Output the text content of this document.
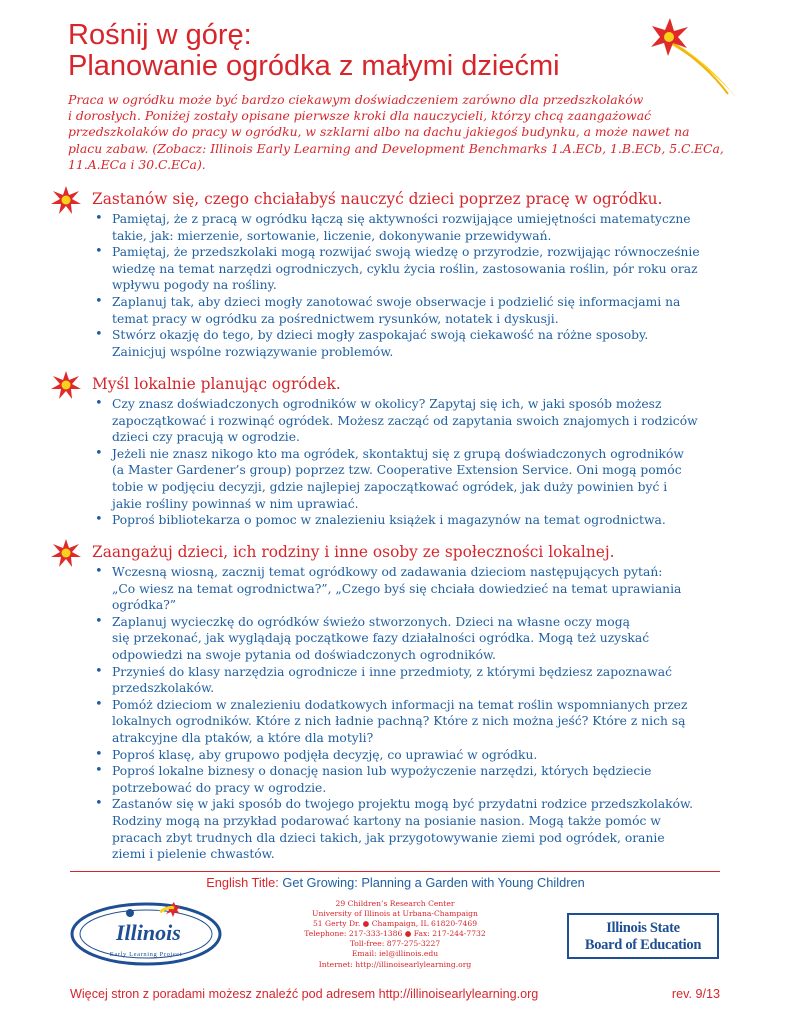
Rośnij w górę:
Planowanie ogródka z małymi dziećmi
Praca w ogródku może być bardzo ciekawym doświadczeniem zarówno dla przedszkolaków
i dorosłych. Poniżej zostały opisane pierwsze kroki dla nauczycieli, którzy chcą zaangażować
przedszkolaków do pracy w ogródku, w szklarni albo na dachu jakiegoś budynku, a może nawet na
placu zabaw. (Zobacz: Illinois Early Learning and Development Benchmarks 1.A.ECb, 1.B.ECb, 5.C.ECa,
11.A.ECa i 30.C.ECa).
Zastanów się, czego chciałabyś nauczyć dzieci poprzez pracę w ogródku.
• Pamiętaj, że z pracą w ogródku łączą się aktywności rozwijające umiejętności matematyczne
takie, jak: mierzenie, sortowanie, liczenie, dokonywanie przewidywań.
• Pamiętaj, że przedszkolaki mogą rozwijać swoją wiedzę o przyrodzie, rozwijając równocześnie
wiedzę na temat narzędzi ogrodniczych, cyklu życia roślin, zastosowania roślin, pór roku oraz
wpływu pogody na rośliny.
• Zaplanuj tak, aby dzieci mogły zanotować swoje obserwacje i podzielić się informacjami na
temat pracy w ogródku za pośrednictwem rysunków, notatek i dyskusji.
• Stwórz okazję do tego, by dzieci mogły zaspokajać swoją ciekawość na różne sposoby.
Zainicjuj wspólne rozwiązywanie problemów.
Myśl lokalnie planując ogródek.
• Czy znasz doświadczonych ogrodników w okolicy? Zapytaj się ich, w jaki sposób możesz
zapoczątkować i rozwinąć ogródek. Możesz zacząć od zapytania swoich znajomych i rodziców
dzieci czy pracują w ogrodzie.
• Jeżeli nie znasz nikogo kto ma ogródek, skontaktuj się z grupą doświadczonych ogrodników
(a Master Gardener’s group) poprzez tzw. Cooperative Extension Service. Oni mogą pomóc
tobie w podjęciu decyzji, gdzie najlepiej zapoczątkować ogródek, jak duży powinien być i
jakie rośliny powinnaś w nim uprawiać.
• Poproś bibliotekarza o pomoc w znalezieniu książek i magazynów na temat ogrodnictwa.
Zaangażuj dzieci, ich rodziny i inne osoby ze społeczności lokalnej.
• Wczesną wiosną, zacznij temat ogródkowy od zadawania dzieciom następujących pytań:
„Co wiesz na temat ogrodnictwa?”, „Czego byś się chciała dowiedzieć na temat uprawiania
ogródka?”
• Zaplanuj wycieczkę do ogródków świeżo stworzonych. Dzieci na własne oczy mogą
się przekonać, jak wyglądają początkowe fazy działalności ogródka. Mogą też uzyskać
odpowiedzi na swoje pytania od doświadczonych ogrodników.
• Przynieś do klasy narzędzia ogrodnicze i inne przedmioty, z którymi będziesz zapoznawać
przedszkolaków.
• Pomóż dzieciom w znalezieniu dodatkowych informacji na temat roślin wspomnianych przez
lokalnych ogrodników. Które z nich ładnie pachną? Które z nich można jeść? Które z nich są
atrakcyjne dla ptaków, a które dla motyli?
• Poproś klasę, aby grupowo podjęła decyzję, co uprawiać w ogródku.
• Poproś lokalne biznesy o donację nasion lub wypożyczenie narzędzi, których będziecie
potrzebować do pracy w ogrodzie.
• Zastanów się w jaki sposób do twojego projektu mogą być przydatni rodzice przedszkolaków.
Rodziny mogą na przykład podarować kartony na posianie nasion. Mogą także pomóc w
pracach zbyt trudnych dla dzieci takich, jak przygotowywanie ziemi pod ogródek, oranie
ziemi i pielenie chwastów.
English Title: Get Growing: Planning a Garden with Young Children
Illinois
Early Learning Project
29 Children’s Research Center
University of Illinois at Urbana-Champaign
51 Gerty Dr. ● Champaign, IL 61820-7469
Telephone: 217-333-1386 ● Fax: 217-244-7732
Toll-free: 877-275-3227
Email: iel@illinois.edu
Internet: http://illinoisearlylearning.org
Illinois State
Board of Education
Więcej stron z poradami możesz znaleźć pod adresem http://illinoisearlylearning.org	rev. 9/13
